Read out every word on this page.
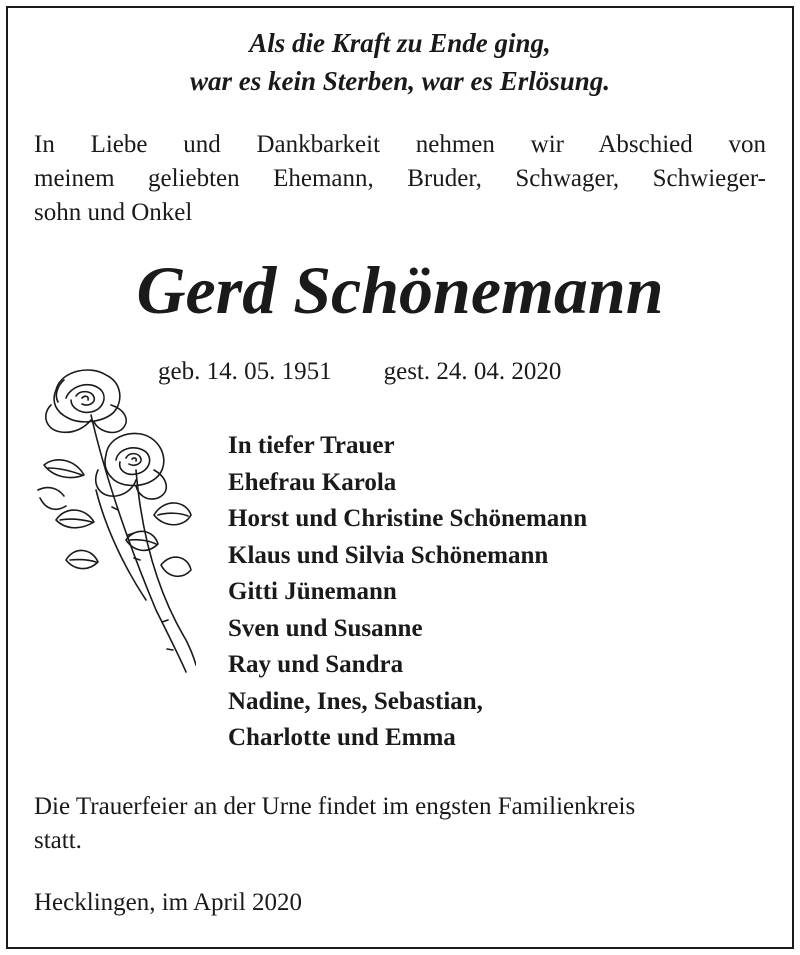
Als die Kraft zu Ende ging,
war es kein Sterben, war es Erlösung.
In Liebe und Dankbarkeit nehmen wir Abschied von
meinem geliebten Ehemann, Bruder, Schwager, Schwieger-
sohn und Onkel
Gerd Schönemann
geb. 14. 05. 1951 gest. 24. 04. 2020
In tiefer Trauer
Ehefrau Karola
Horst und Christine Schönemann
Klaus und Silvia Schönemann
Gitti Jünemann
Sven und Susanne
Ray und Sandra
Nadine, Ines, Sebastian,
Charlotte und Emma
Die Trauerfeier an der Urne findet im engsten Familienkreis
statt.
Hecklingen, im April 2020
